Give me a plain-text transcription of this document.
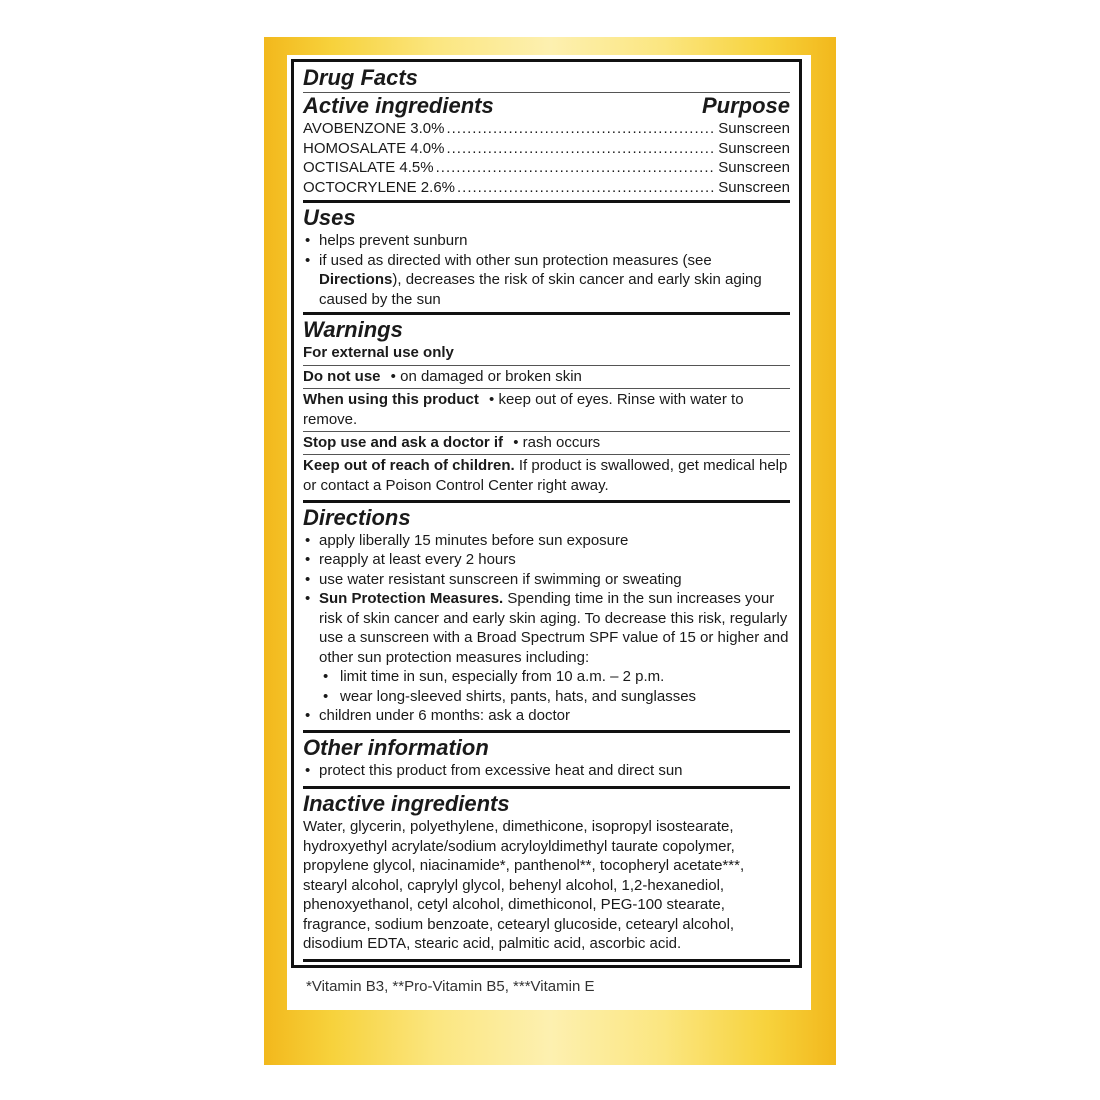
Drug Facts
Active ingredients	Purpose
AVOBENZONE 3.0% .....	Sunscreen
HOMOSALATE 4.0% .....	Sunscreen
OCTISALATE 4.5% .....	Sunscreen
OCTOCRYLENE 2.6% .....	Sunscreen
Uses
• helps prevent sunburn
• if used as directed with other sun protection measures (see Directions), decreases the risk of skin cancer and early skin aging caused by the sun
Warnings
For external use only
Do not use • on damaged or broken skin
When using this product • keep out of eyes. Rinse with water to remove.
Stop use and ask a doctor if • rash occurs
Keep out of reach of children. If product is swallowed, get medical help or contact a Poison Control Center right away.
Directions
• apply liberally 15 minutes before sun exposure
• reapply at least every 2 hours
• use water resistant sunscreen if swimming or sweating
• Sun Protection Measures. Spending time in the sun increases your risk of skin cancer and early skin aging. To decrease this risk, regularly use a sunscreen with a Broad Spectrum SPF value of 15 or higher and other sun protection measures including:
• limit time in sun, especially from 10 a.m. – 2 p.m.
• wear long-sleeved shirts, pants, hats, and sunglasses
• children under 6 months: ask a doctor
Other information
• protect this product from excessive heat and direct sun
Inactive ingredients
Water, glycerin, polyethylene, dimethicone, isopropyl isostearate, hydroxyethyl acrylate/sodium acryloyldimethyl taurate copolymer, propylene glycol, niacinamide*, panthenol**, tocopheryl acetate***, stearyl alcohol, caprylyl glycol, behenyl alcohol, 1,2-hexanediol, phenoxyethanol, cetyl alcohol, dimethiconol, PEG-100 stearate, fragrance, sodium benzoate, cetearyl glucoside, cetearyl alcohol, disodium EDTA, stearic acid, palmitic acid, ascorbic acid.
*Vitamin B3, **Pro-Vitamin B5, ***Vitamin E
